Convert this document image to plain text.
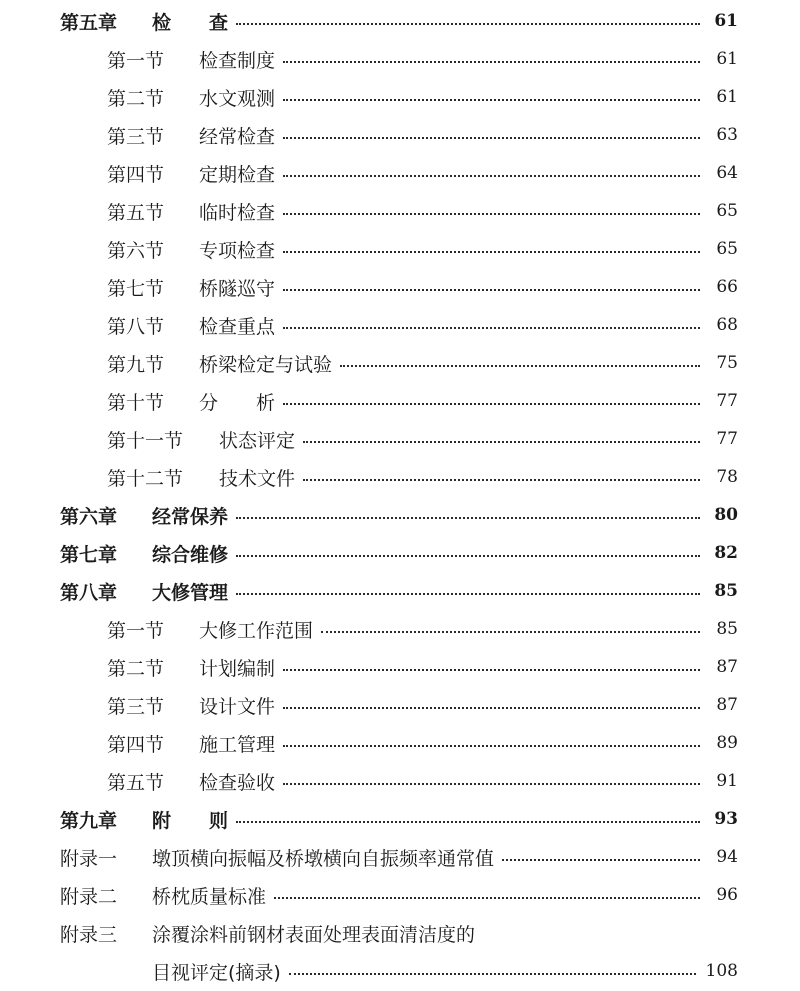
第五章	检　　查	61
第一节	检查制度	61
第二节	水文观测	61
第三节	经常检查	63
第四节	定期检查	64
第五节	临时检查	65
第六节	专项检查	65
第七节	桥隧巡守	66
第八节	检查重点	68
第九节	桥梁检定与试验	75
第十节	分　　析	77
第十一节	状态评定	77
第十二节	技术文件	78
第六章	经常保养	80
第七章	综合维修	82
第八章	大修管理	85
第一节	大修工作范围	85
第二节	计划编制	87
第三节	设计文件	87
第四节	施工管理	89
第五节	检查验收	91
第九章	附　　则	93
附录一	墩顶横向振幅及桥墩横向自振频率通常值	94
附录二	桥枕质量标准	96
附录三	涂覆涂料前钢材表面处理表面清洁度的
目视评定(摘录)	108
